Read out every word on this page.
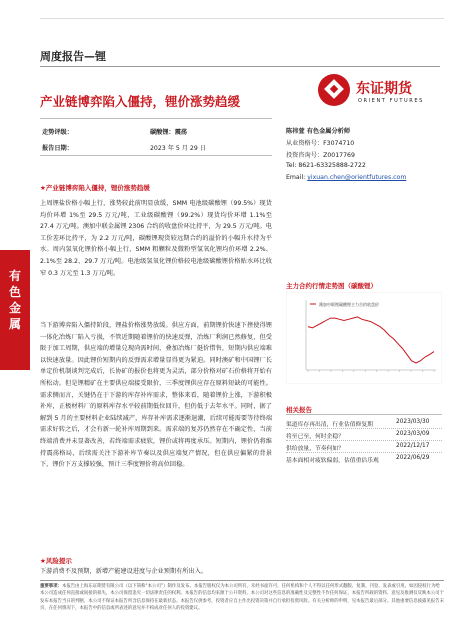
周度报告—锂
东证期货
ORIENT FUTURES
产业链博弈陷入僵持，锂价涨势趋缓
走势评级：	碳酸锂：震荡
报告日期：	2023 年 5 月 29 日
陈祎萱 有色金属分析师
从业资格号：F3074710
投资咨询号：Z0017769
Tel: 8621-63325888-2722
Email: yixuan.chen@orientfutures.com
有色金属
★产业链博弈陷入僵持，锂价涨势趋缓
上周锂盐价格小幅上行，涨势较此前明显放缓，SMM 电池级碳酸锂（99.5%）现货均价环增 1%至 29.5 万元/吨，工业级碳酸锂（99.2%）现货均价环增 1.1%至 27.4 万元/吨。澳加中联金属锂 2306 合约的收盘价环比持平，为 29.5 万元/吨。电工价差环比持平，为 2.2 万元/吨，碳酸锂现货较远期合约的溢价的小幅升水持为平水。周内氢氧化锂价格小幅上行，SMM 粗颗粒及微粉型氢氧化锂均价环增 2.2%、2.1%至 28.2、29.7 万元/吨。电池级氢氧化锂价格较电池级碳酸锂价格贴水环比收窄 0.3 万元至 1.3 万元/吨。
当下游博弈陷入僵持阶段，锂盐价格涨势放缓。供应方面，前期锂价快速下挫使得锂一体化冶炼厂陷入亏损，不管近期随着锂价的快速反弹，冶炼厂利润已然修复，但受限于加工周期，供应端的增量兑现尚需时间，叠加冶炼厂挺价惜售，短期内供应端难以快速放量。因此锂价短期内的反弹需求增量显得更为紧迫。同时澳矿和中国锂厂长单定价机制谈判完成后，长协矿的报价也将更为灵活，部分价格对矿石价格将开始有所松动。但是锂精矿在主要供应端接受限价，三季度锂供应存在原料短缺的可能性。需求侧而言，关键仍在于下游的库存补库需求，整体来看，随着锂价上涨，下游积极补库，正极材料厂的原料库存水平较前期低位回升，但仍低于去年水平。同时，据了解到 5 月的主要材料企业陆续减产，库存补库需求逐渐退潮，后续可能需要等待终端需求好转之后，才会有新一轮补库周期到来。需求端的复苏仍然存在不确定性，当前终端消费并未显著改善，若终端需求疲软，锂价或将再度承压。短期内，锂价仍将维持震荡格局，后续需关注下游补库节奏以及供应端复产情况，但在供应偏紧的背景下，锂价下方支撑较强，预计三季度锂价将高位回稳。
★风险提示
下游消费不及预期，新增产能建设进度与企业预期有所出入。
主力合约行情走势图（碳酸锂）
澳加中联锂碳酸锂主力合约收盘价
相关报告
渠道库存再出清，行业估值修复期	2023/03/30
将至已至，何时企稳？	2023/03/09
供给放量，节奏何如？	2022/12/17
基本面相对疲软偏弱，估值重估乐观	2022/06/29
重要事项：本报告由上海东证期货有限公司（以下简称“本公司”）制作及发布。本报告版权仅为本公司所有，未经书面许可，任何机构和个人不得以任何形式翻版、复制、刊登、发表或引用。如因侵权行为给本公司造成任何直接或间接的损失，本公司保留追究一切法律责任的权利。本报告的信息均来源于公开资料，本公司对这些信息的准确性及完整性不作任何保证，本报告所载的资料、意见及推测仅反映本公司于发布本报告当日的判断，本公司不保证本报告所含信息保持在最新状态。本报告仅供参考，投资者应自主作出投资决策并自行承担投资风险。有关分析师的申明，见本报告最后部分。其他重要信息披露见报告末页，在任何情况下，本报告中的信息或所表述的意见并不构成对任何人的投资建议。
